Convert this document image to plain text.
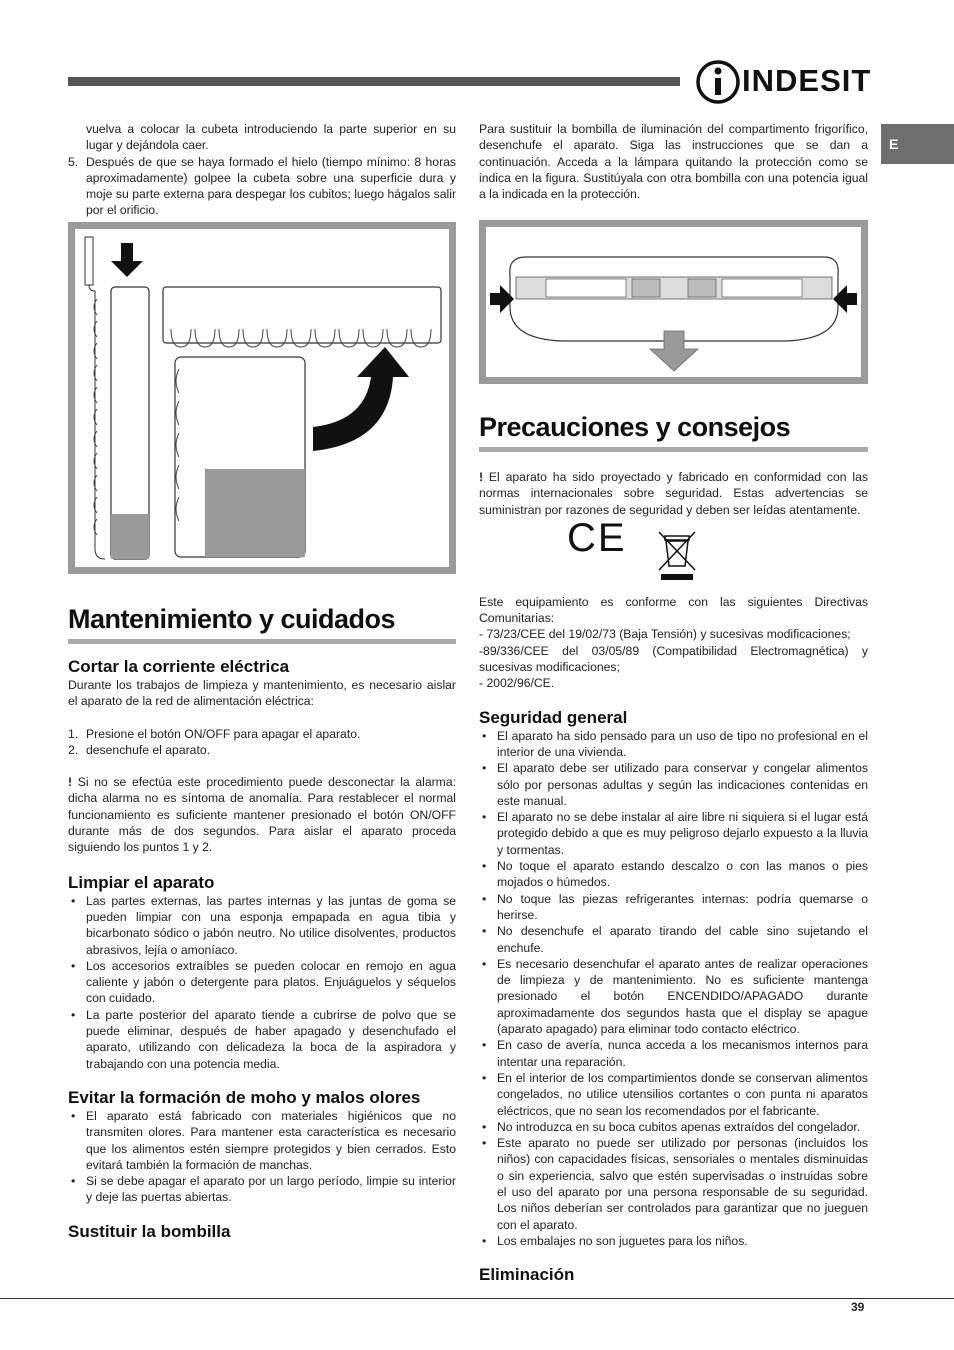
INDESIT
E

vuelva a colocar la cubeta introduciendo la parte superior en su lugar y dejándola caer.

5. Después de que se haya formado el hielo (tiempo mínimo: 8 horas aproximadamente) golpee la cubeta sobre una superficie dura y moje su parte externa para despegar los cubitos; luego hágalos salir por el orificio.
Mantenimiento y cuidados
Cortar la corriente eléctrica

Durante los trabajos de limpieza y mantenimiento, es necesario aislar el aparato de la red de alimentación eléctrica:

1. Presione el botón ON/OFF para apagar el aparato.
2. desenchufe el aparato.

! Si no se efectúa este procedimiento puede desconectar la alarma: dicha alarma no es síntoma de anomalía. Para restablecer el normal funcionamiento es suficiente mantener presionado el botón ON/OFF durante más de dos segundos. Para aislar el aparato proceda siguiendo los puntos 1 y 2.

Limpiar el aparato
• Las partes externas, las partes internas y las juntas de goma se pueden limpiar con una esponja empapada en agua tibia y bicarbonato sódico o jabón neutro. No utilice disolventes, productos abrasivos, lejía o amoníaco.
• Los accesorios extraíbles se pueden colocar en remojo en agua caliente y jabón o detergente para platos. Enjuáguelos y séquelos con cuidado.
• La parte posterior del aparato tiende a cubrirse de polvo que se puede eliminar, después de haber apagado y desenchufado el aparato, utilizando con delicadeza la boca de la aspiradora y trabajando con una potencia media.
Evitar la formación de moho y malos olores
• El aparato está fabricado con materiales higiénicos que no transmiten olores. Para mantener esta característica es necesario que los alimentos estén siempre protegidos y bien cerrados. Esto evitará también la formación de manchas.
• Si se debe apagar el aparato por un largo período, limpie su interior y deje las puertas abiertas.
Sustituir la bombilla

Para sustituir la bombilla de iluminación del compartimento frigorífico, desenchufe el aparato. Siga las instrucciones que se dan a continuación. Acceda a la lámpara quitando la protección como se indica en la figura. Sustitúyala con otra bombilla con una potencia igual a la indicada en la protección.

Precauciones y consejos

! El aparato ha sido proyectado y fabricado en conformidad con las normas internacionales sobre seguridad. Estas advertencias se suministran por razones de seguridad y deben ser leídas atentamente.

CE

Este equipamiento es conforme con las siguientes Directivas Comunitarias:

- 73/23/CEE del 19/02/73 (Baja Tensión) y sucesivas modificaciones;

-89/336/CEE del 03/05/89 (Compatibilidad Electromagnética) y sucesivas modificaciones;

- 2002/96/CE.

Seguridad general
• El aparato ha sido pensado para un uso de tipo no profesional en el interior de una vivienda.
• El aparato debe ser utilizado para conservar y congelar alimentos sólo por personas adultas y según las indicaciones contenidas en este manual.
• El aparato no se debe instalar al aire libre ni siquiera si el lugar está protegido debido a que es muy peligroso dejarlo expuesto a la lluvia y tormentas.
• No toque el aparato estando descalzo o con las manos o pies mojados o húmedos.
• No toque las piezas refrigerantes internas: podría quemarse o herirse.
• No desenchufe el aparato tirando del cable sino sujetando el enchufe.
• Es necesario desenchufar el aparato antes de realizar operaciones de limpieza y de mantenimiento. No es suficiente mantenga presionado el botón ENCENDIDO/APAGADO durante aproximadamente dos segundos hasta que el display se apague (aparato apagado) para eliminar todo contacto eléctrico.
• En caso de avería, nunca acceda a los mecanismos internos para intentar una reparación.
• En el interior de los compartimientos donde se conservan alimentos congelados, no utilice utensilios cortantes o con punta ni aparatos eléctricos, que no sean los recomendados por el fabricante.
• No introduzca en su boca cubitos apenas extraídos del congelador.
• Este aparato no puede ser utilizado por personas (incluidos los niños) con capacidades físicas, sensoriales o mentales disminuidas o sin experiencia, salvo que estén supervisadas o instruidas sobre el uso del aparato por una persona responsable de su seguridad. Los niños deberían ser controlados para garantizar que no jueguen con el aparato.
• Los embalajes no son juguetes para los niños.
Eliminación
39
